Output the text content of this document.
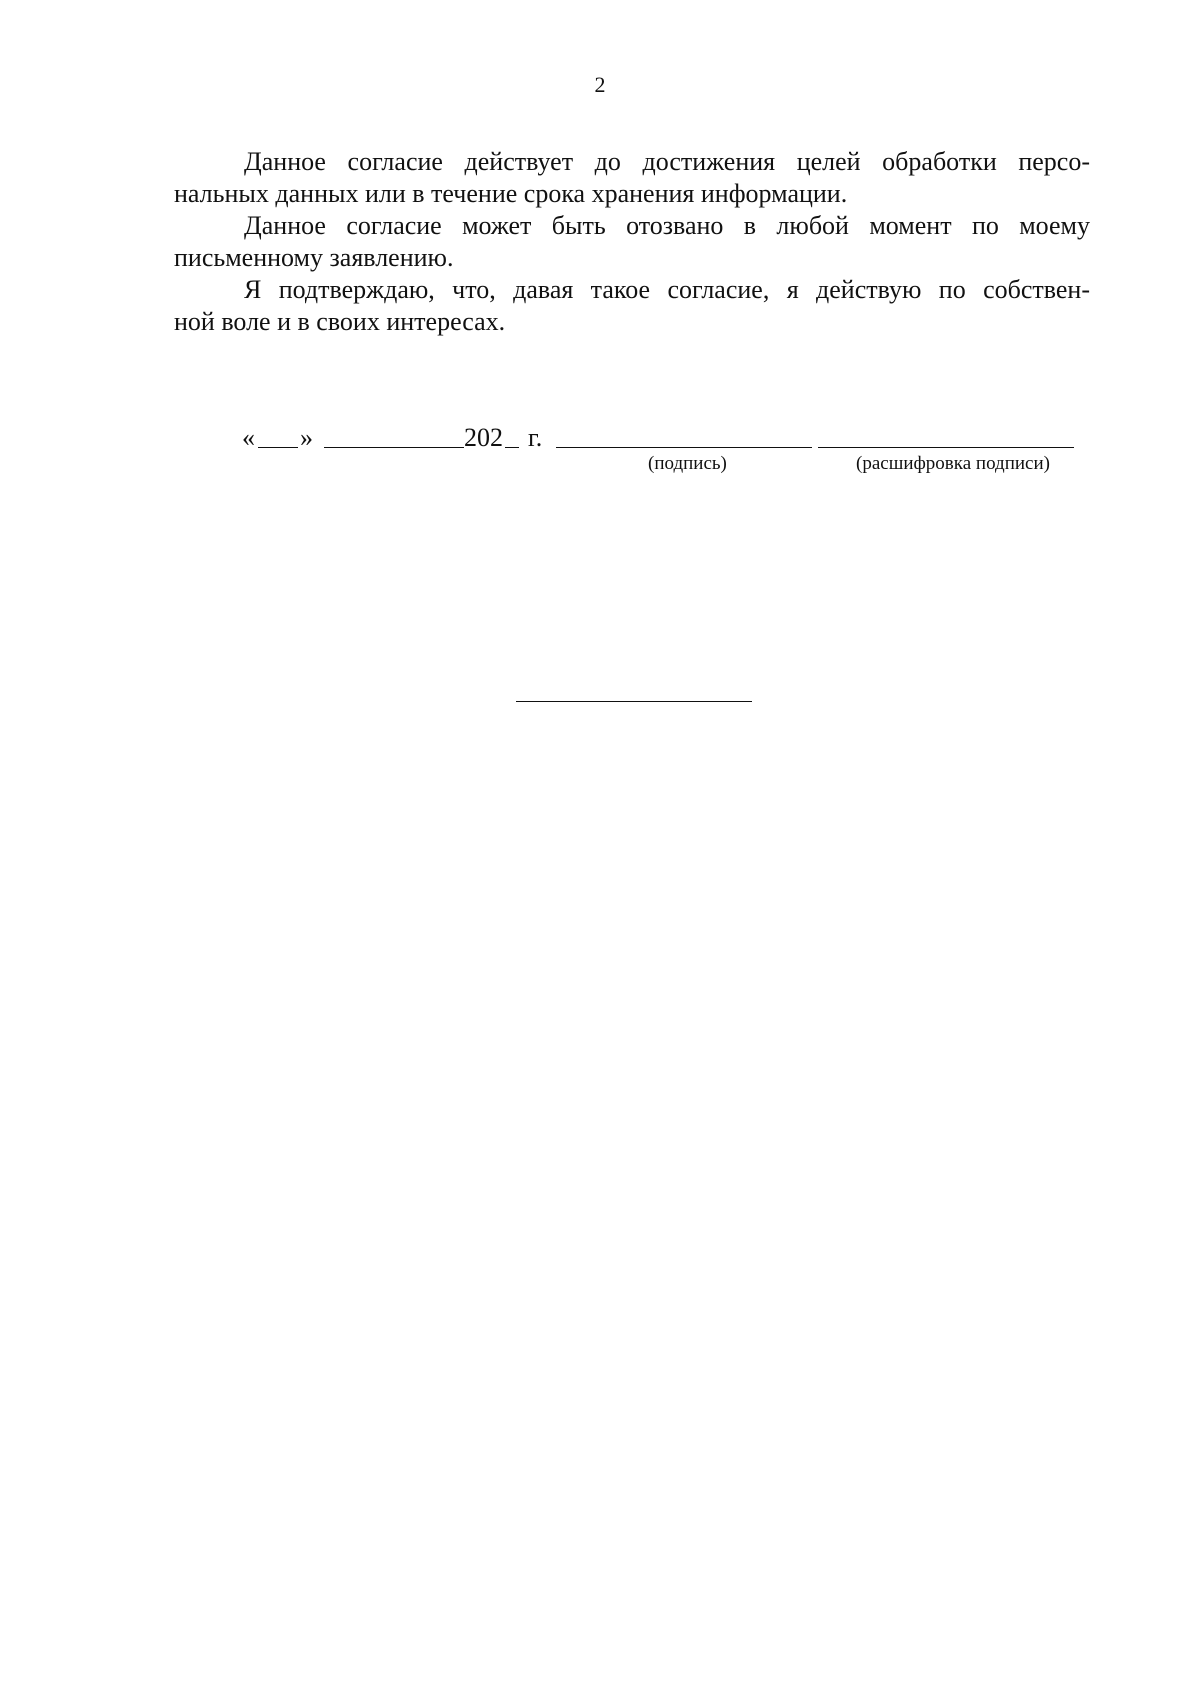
2

Данное согласие действует до достижения целей обработки персо-
нальных данных или в течение срока хранения информации.

Данное согласие может быть отозвано в любой момент по моему
письменному заявлению.

Я подтверждаю, что, давая такое согласие, я действую по собствен-
ной воле и в своих интересах.

« »	202 г.
(подпись)	(расшифровка подписи)
